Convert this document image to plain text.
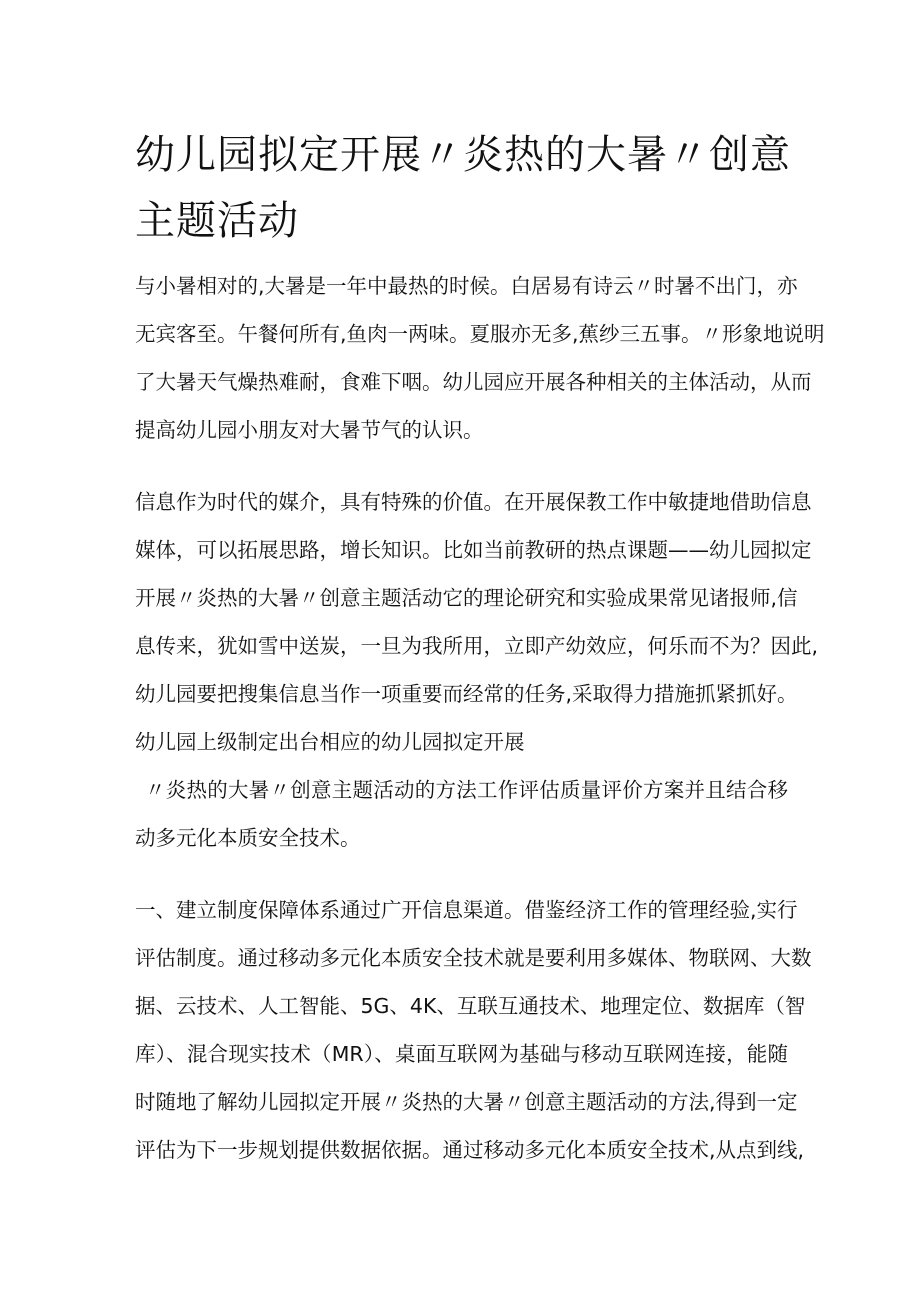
幼儿园拟定开展〃炎热的大暑〃创意
主题活动

与小暑相对的,大暑是一年中最热的时候。白居易有诗云〃时暑不出门，亦

无宾客至。午餐何所有,鱼肉一两味。夏服亦无多,蕉纱三五事。〃形象地说明

了大暑天气燥热难耐，食难下咽。幼儿园应开展各种相关的主体活动，从而

提高幼儿园小朋友对大暑节气的认识。

信息作为时代的媒介，具有特殊的价值。在开展保教工作中敏捷地借助信息

媒体，可以拓展思路，增长知识。比如当前教研的热点课题——幼儿园拟定

开展〃炎热的大暑〃创意主题活动它的理论研究和实验成果常见诸报师,信

息传来，犹如雪中送炭，一旦为我所用，立即产幼效应，何乐而不为？因此,

幼儿园要把搜集信息当作一项重要而经常的任务,采取得力措施抓紧抓好。

幼儿园上级制定出台相应的幼儿园拟定开展

〃炎热的大暑〃创意主题活动的方法工作评估质量评价方案并且结合移

动多元化本质安全技术。

一、建立制度保障体系通过广开信息渠道。借鉴经济工作的管理经验,实行

评估制度。通过移动多元化本质安全技术就是要利用多媒体、物联网、大数

据、云技术、人工智能、5G、4K、互联互通技术、地理定位、数据库（智

库）、混合现实技术（MR）、桌面互联网为基础与移动互联网连接，能随

时随地了解幼儿园拟定开展〃炎热的大暑〃创意主题活动的方法,得到一定

评估为下一步规划提供数据依据。通过移动多元化本质安全技术,从点到线,
